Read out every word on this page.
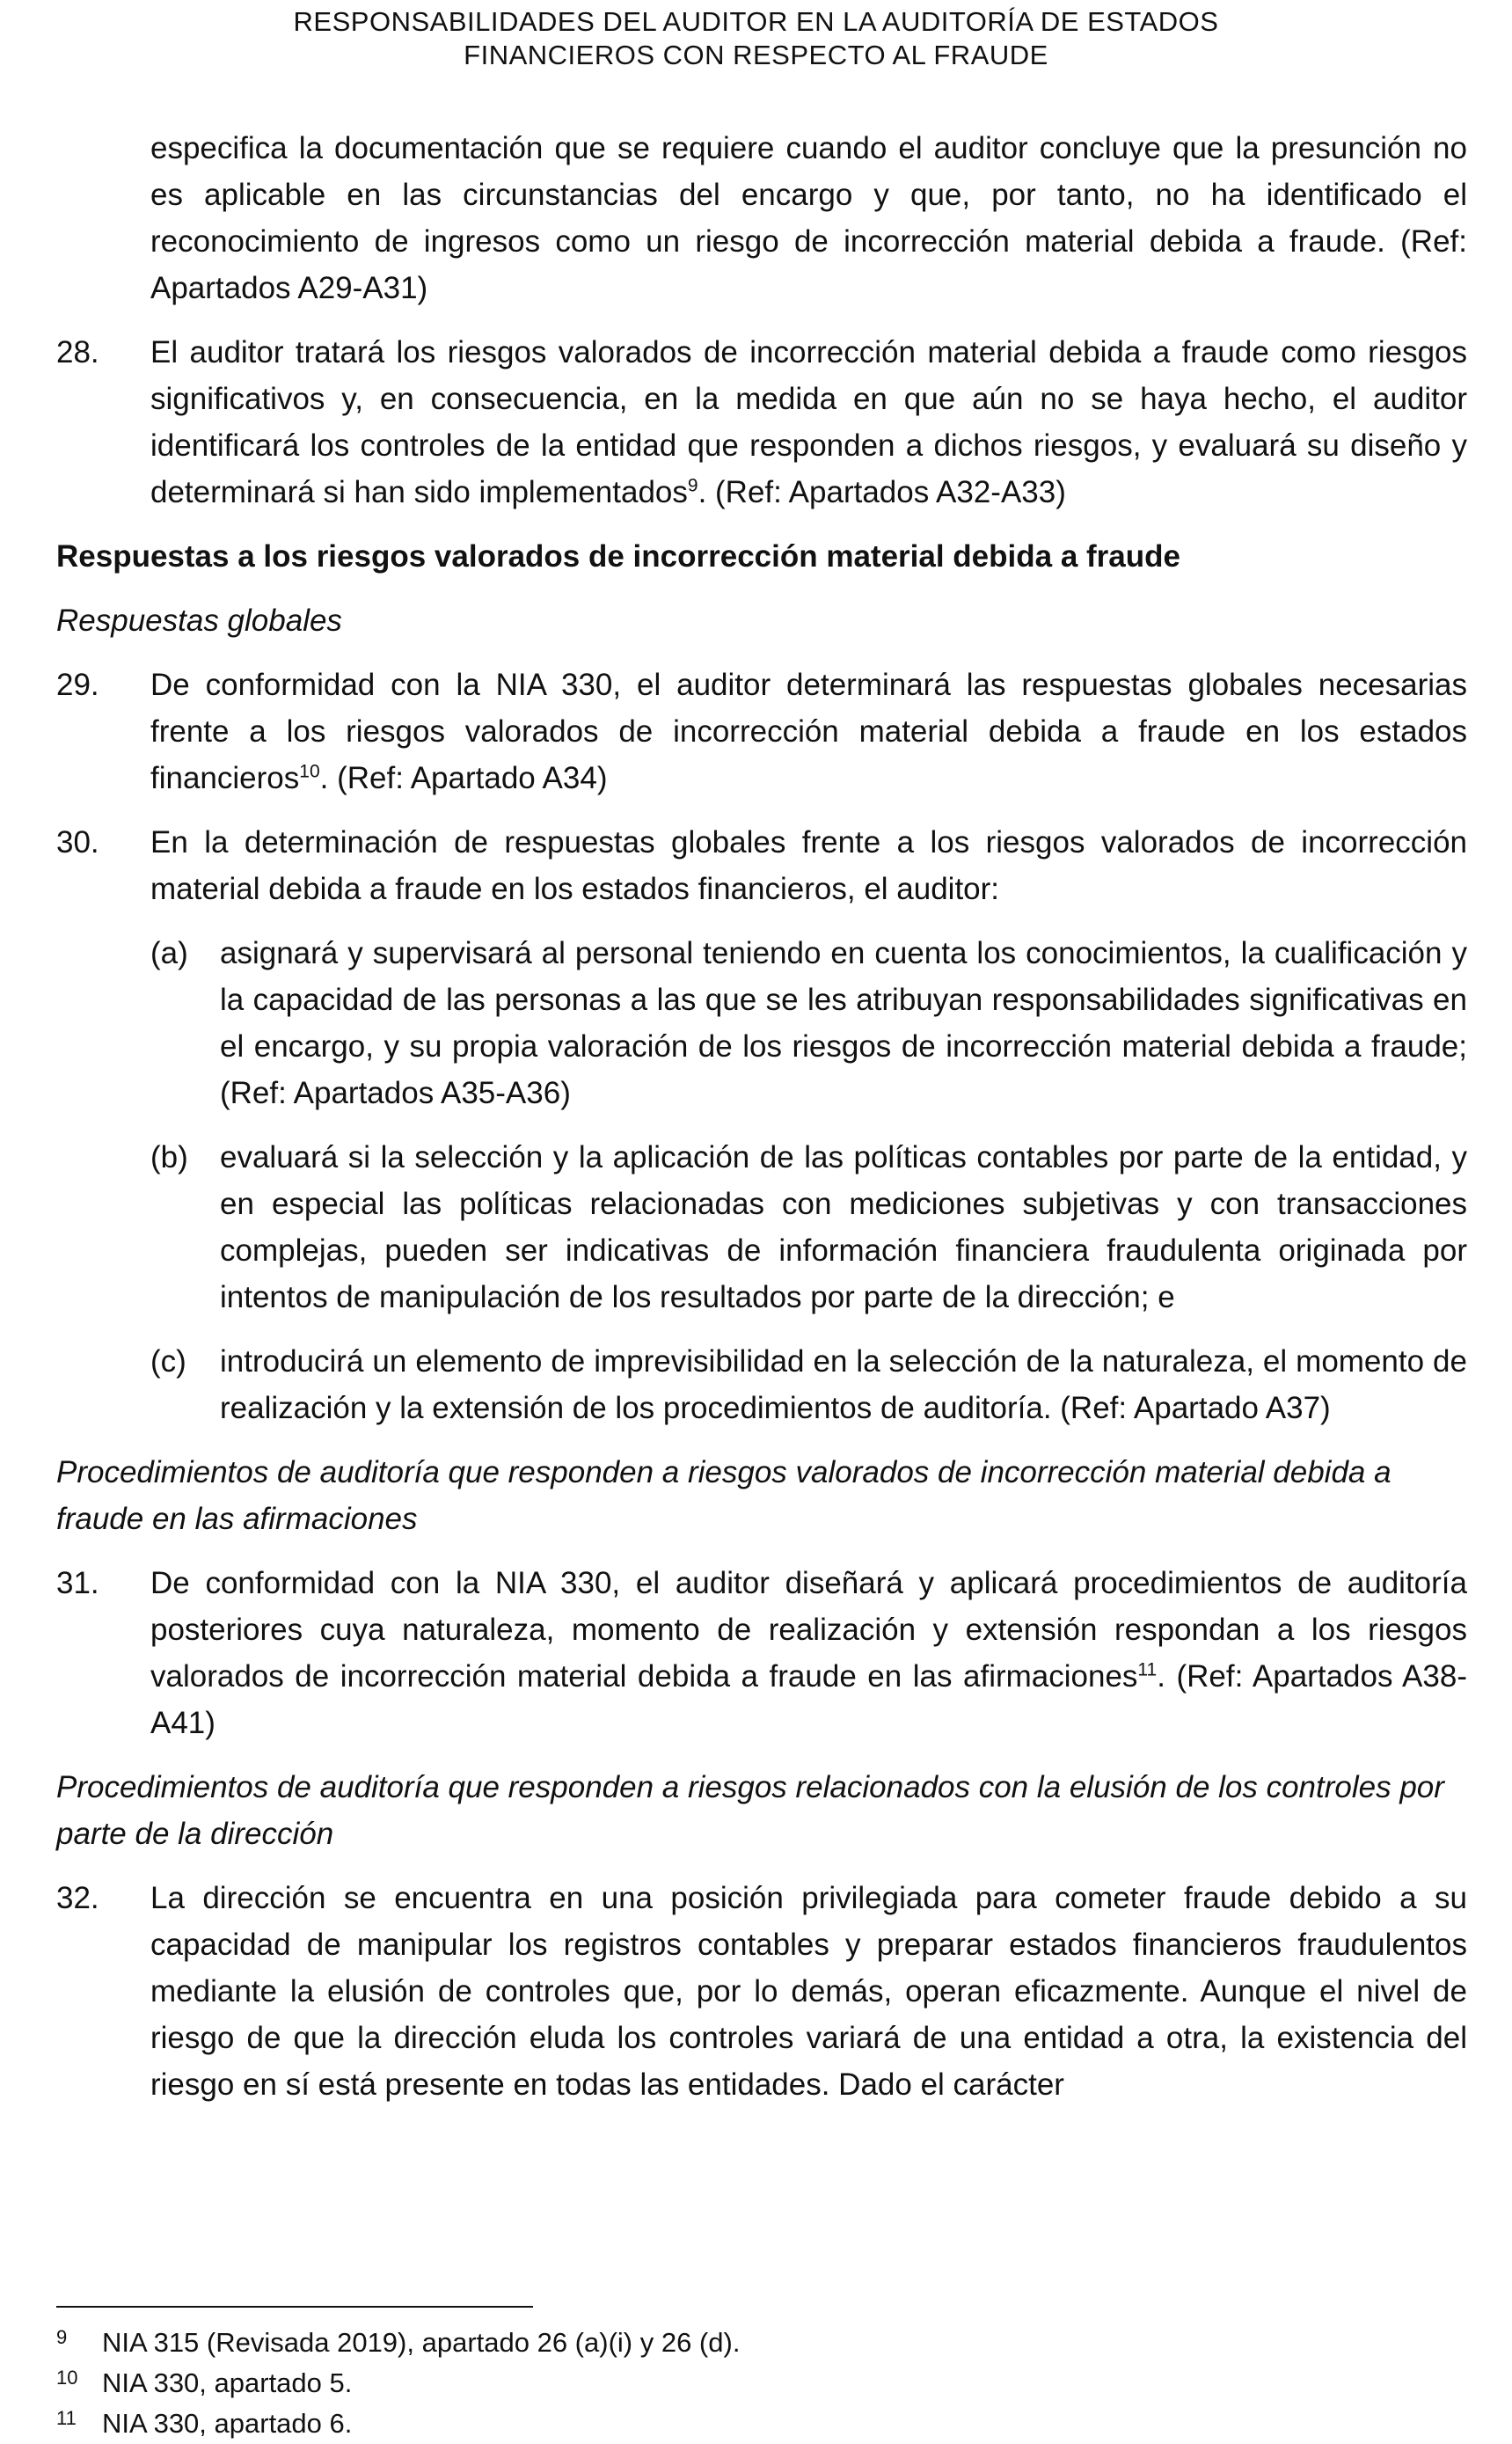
RESPONSABILIDADES DEL AUDITOR EN LA AUDITORÍA DE ESTADOS
FINANCIEROS CON RESPECTO AL FRAUDE

especifica la documentación que se requiere cuando el auditor concluye que la presunción no es aplicable en las circunstancias del encargo y que, por tanto, no ha identificado el reconocimiento de ingresos como un riesgo de incorrección material debida a fraude. (Ref: Apartados A29-A31)

28. El auditor tratará los riesgos valorados de incorrección material debida a fraude como riesgos significativos y, en consecuencia, en la medida en que aún no se haya hecho, el auditor identificará los controles de la entidad que responden a dichos riesgos, y evaluará su diseño y determinará si han sido implementados$^9$. (Ref: Apartados A32-A33)

Respuestas a los riesgos valorados de incorrección material debida a fraude

Respuestas globales

29. De conformidad con la NIA 330, el auditor determinará las respuestas globales necesarias frente a los riesgos valorados de incorrección material debida a fraude en los estados financieros$^{10}$. (Ref: Apartado A34)

30. En la determinación de respuestas globales frente a los riesgos valorados de incorrección material debida a fraude en los estados financieros, el auditor:

(a) asignará y supervisará al personal teniendo en cuenta los conocimientos, la cualificación y la capacidad de las personas a las que se les atribuyan responsabilidades significativas en el encargo, y su propia valoración de los riesgos de incorrección material debida a fraude; (Ref: Apartados A35-A36)

(b) evaluará si la selección y la aplicación de las políticas contables por parte de la entidad, y en especial las políticas relacionadas con mediciones subjetivas y con transacciones complejas, pueden ser indicativas de información financiera fraudulenta originada por intentos de manipulación de los resultados por parte de la dirección; e

(c) introducirá un elemento de imprevisibilidad en la selección de la naturaleza, el momento de realización y la extensión de los procedimientos de auditoría. (Ref: Apartado A37)

Procedimientos de auditoría que responden a riesgos valorados de incorrección material debida a fraude en las afirmaciones

31. De conformidad con la NIA 330, el auditor diseñará y aplicará procedimientos de auditoría posteriores cuya naturaleza, momento de realización y extensión respondan a los riesgos valorados de incorrección material debida a fraude en las afirmaciones$^{11}$. (Ref: Apartados A38-A41)

Procedimientos de auditoría que responden a riesgos relacionados con la elusión de los controles por parte de la dirección

32. La dirección se encuentra en una posición privilegiada para cometer fraude debido a su capacidad de manipular los registros contables y preparar estados financieros fraudulentos mediante la elusión de controles que, por lo demás, operan eficazmente. Aunque el nivel de riesgo de que la dirección eluda los controles variará de una entidad a otra, la existencia del riesgo en sí está presente en todas las entidades. Dado el carácter

9 NIA 315 (Revisada 2019), apartado 26 (a)(i) y 26 (d).
10 NIA 330, apartado 5.
11 NIA 330, apartado 6.
